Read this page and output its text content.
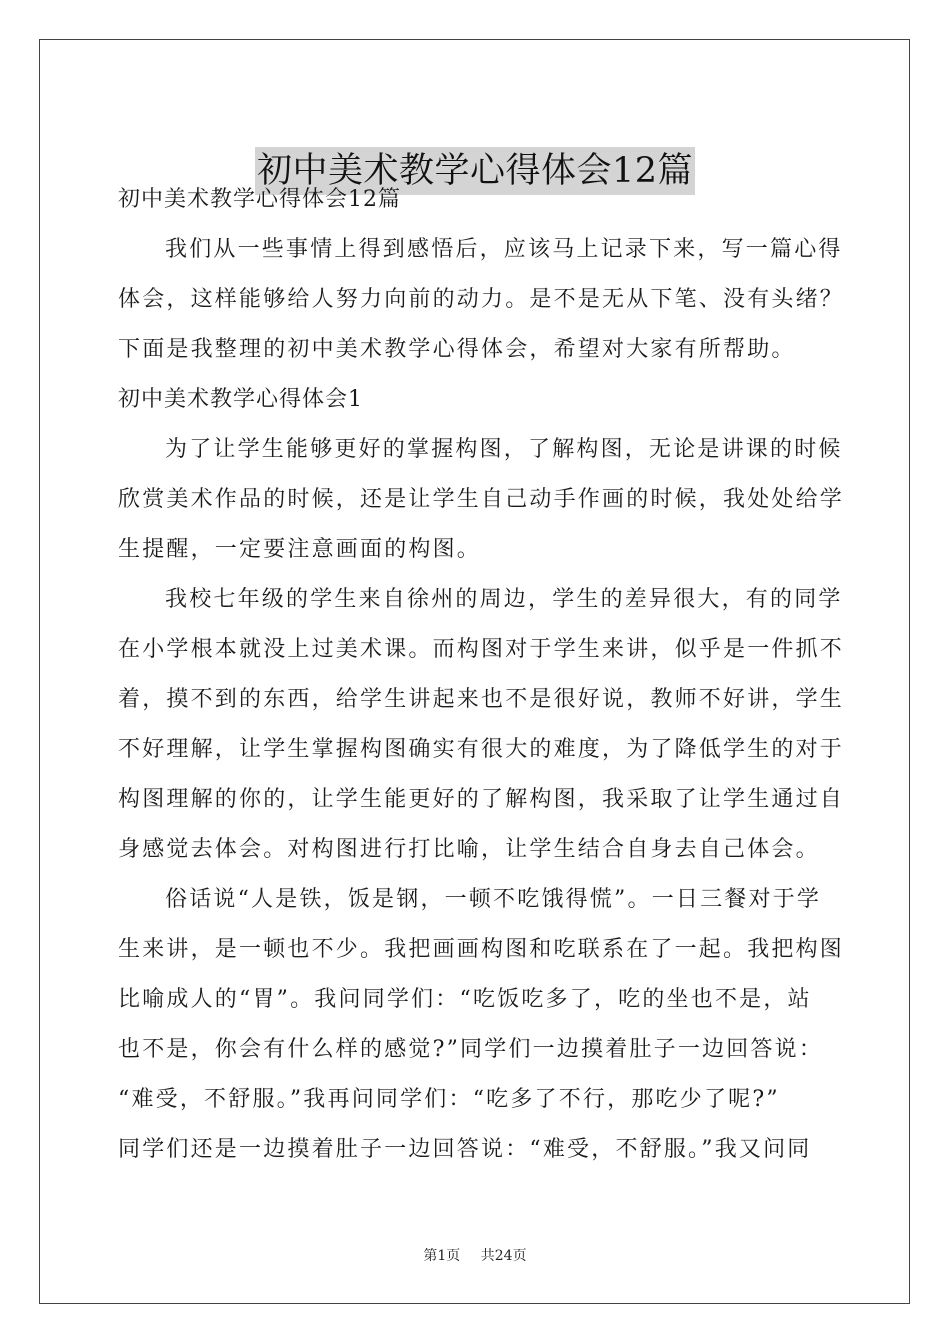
初中美术教学心得体会12篇
初中美术教学心得体会12篇
我们从一些事情上得到感悟后，应该马上记录下来，写一篇心得
体会，这样能够给人努力向前的动力。是不是无从下笔、没有头绪？
下面是我整理的初中美术教学心得体会，希望对大家有所帮助。
初中美术教学心得体会1
为了让学生能够更好的掌握构图，了解构图，无论是讲课的时候
欣赏美术作品的时候，还是让学生自己动手作画的时候，我处处给学
生提醒，一定要注意画面的构图。
我校七年级的学生来自徐州的周边，学生的差异很大，有的同学
在小学根本就没上过美术课。而构图对于学生来讲，似乎是一件抓不
着，摸不到的东西，给学生讲起来也不是很好说，教师不好讲，学生
不好理解，让学生掌握构图确实有很大的难度，为了降低学生的对于
构图理解的你的，让学生能更好的了解构图，我采取了让学生通过自
身感觉去体会。对构图进行打比喻，让学生结合自身去自己体会。
俗话说“人是铁，饭是钢，一顿不吃饿得慌”。一日三餐对于学
生来讲，是一顿也不少。我把画画构图和吃联系在了一起。我把构图
比喻成人的“胃”。我问同学们：“吃饭吃多了，吃的坐也不是，站
也不是，你会有什么样的感觉?”同学们一边摸着肚子一边回答说：
“难受，不舒服。”我再问同学们：“吃多了不行，那吃少了呢?”
同学们还是一边摸着肚子一边回答说：“难受，不舒服。”我又问同
第1页 共24页
